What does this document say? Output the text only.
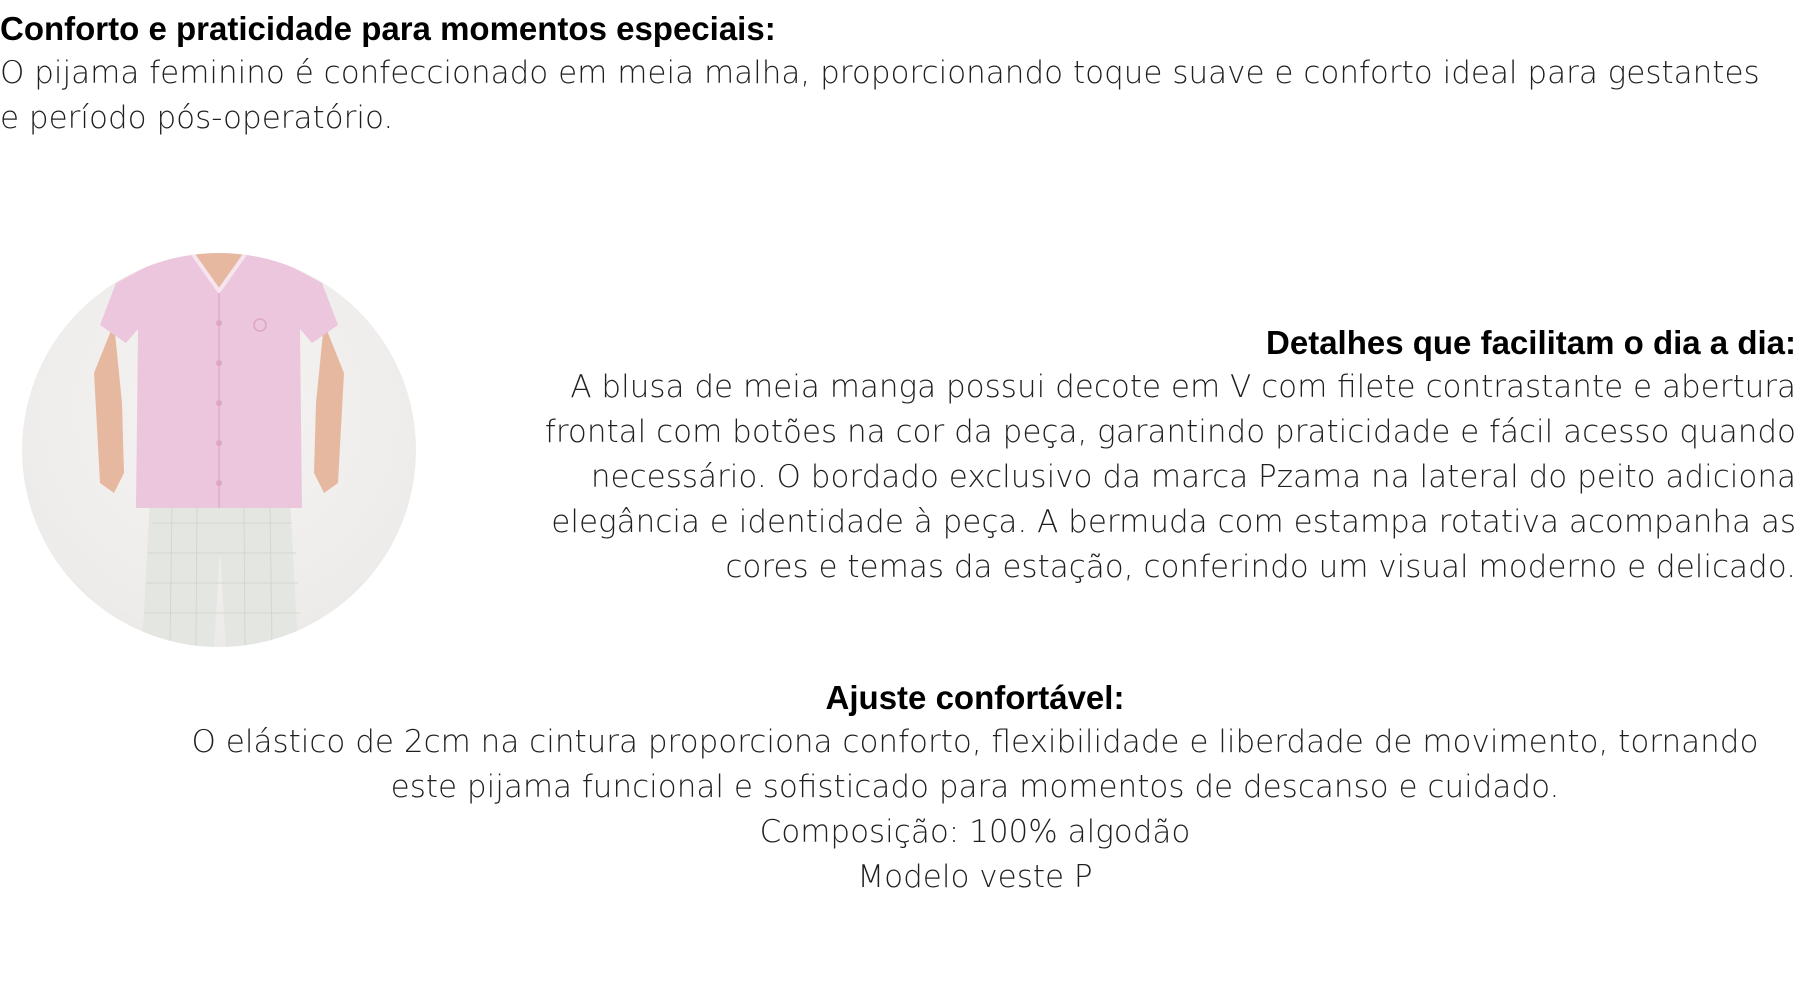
Conforto e praticidade para momentos especiais:

O pijama feminino é confeccionado em meia malha, proporcionando toque suave e conforto ideal para gestantes e período pós-operatório.

Detalhes que facilitam o dia a dia:

A blusa de meia manga possui decote em V com filete contrastante e abertura frontal com botões na cor da peça, garantindo praticidade e fácil acesso quando necessário. O bordado exclusivo da marca Pzama na lateral do peito adiciona elegância e identidade à peça. A bermuda com estampa rotativa acompanha as cores e temas da estação, conferindo um visual moderno e delicado.

Ajuste confortável:

O elástico de 2cm na cintura proporciona conforto, flexibilidade e liberdade de movimento, tornando este pijama funcional e sofisticado para momentos de descanso e cuidado.

Composição: 100% algodão

Modelo veste P
